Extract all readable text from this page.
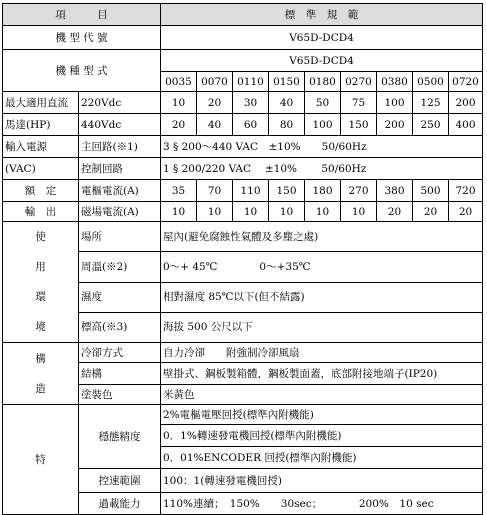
項　　　目		標　準　規　範								
機 型 代 號		V65D-DCD4								
機 種 型 式		V65D-DCD4								
		0035	0070	0110	0150	0180	0270	0380	0500	0720
最大適用直流	220Vdc	10	20	30	40	50	75	100	125	200
馬達(HP)	440Vdc	20	40	60	80	100	150	200	250	400
輸入電源	主回路(※1)	3 § 200～440 VAC　±10%　　50/60Hz								
(VAC)	控制回路	1 § 200/220 VAC　 ±10%　　 50/60Hz								
額　定	電樞電流(A)	35	70	110	150	180	270	380	500	720
輸　出	磁場電流(A)	10	10	10	10	10	10	20	20	20

使
用
環
境	場所	屋內(避免腐蝕性氣體及多塵之處)								
	周溫(※2)	0～+ 45℃　　　　0～+35℃								
	濕度	相對濕度 85℃以下(但不結露)								
	標高(※3)	海拔 500 公尺以下								

構
造	冷卻方式	自力冷卻　　附強制冷卻風扇								
	結構	壁掛式、鋼板製箱體，鋼板製面蓋，底部附接地端子(IP20)								
	塗裝色	米黃色								
特	穩態精度	2%電樞電壓回授(標準內附機能)								
		0．1%轉速發電機回授(標準內附機能)								
		0．01%ENCODER 回授(標準內附機能)								
	控速範圍	100：1(轉速發電機回授)								
	過載能力	110%連續；　150%　　30sec；　　　　200%　10 sec								
